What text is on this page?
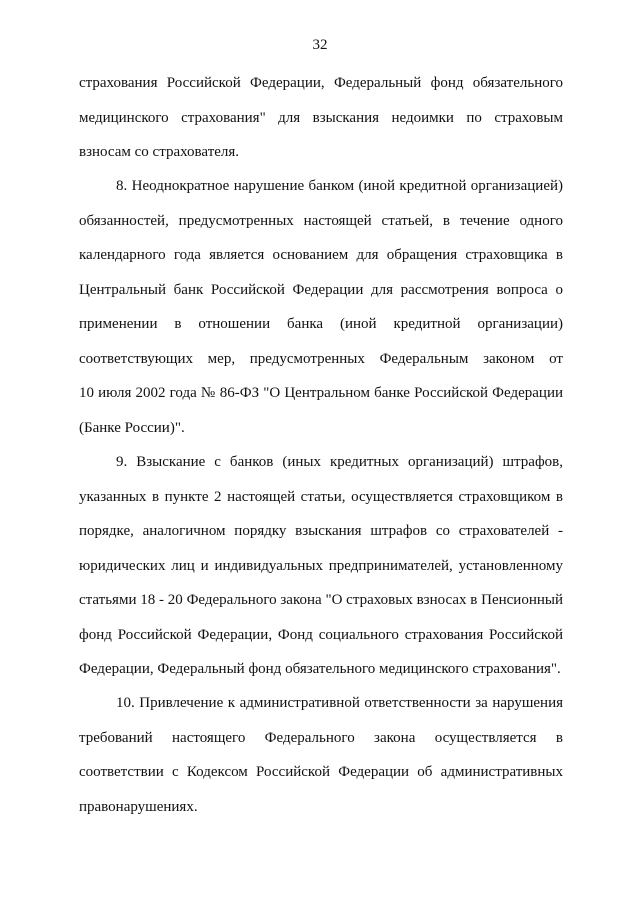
32
страхования Российской Федерации, Федеральный фонд обязательного
медицинского страхования" для взыскания недоимки по страховым
взносам со страхователя.
8. Неоднократное нарушение банком (иной кредитной организацией)
обязанностей, предусмотренных настоящей статьей, в течение одного
календарного года является основанием для обращения страховщика в
Центральный банк Российской Федерации для рассмотрения вопроса о
применении в отношении банка (иной кредитной организации)
соответствующих мер, предусмотренных Федеральным законом от
10 июля 2002 года № 86-ФЗ "О Центральном банке Российской Федерации
(Банке России)".
9. Взыскание с банков (иных кредитных организаций) штрафов,
указанных в пункте 2 настоящей статьи, осуществляется страховщиком в
порядке, аналогичном порядку взыскания штрафов со страхователей -
юридических лиц и индивидуальных предпринимателей, установленному
статьями 18 - 20 Федерального закона "О страховых взносах в Пенсионный
фонд Российской Федерации, Фонд социального страхования Российской
Федерации, Федеральный фонд обязательного медицинского страхования".
10. Привлечение к административной ответственности за нарушения
требований настоящего Федерального закона осуществляется в
соответствии с Кодексом Российской Федерации об административных
правонарушениях.
